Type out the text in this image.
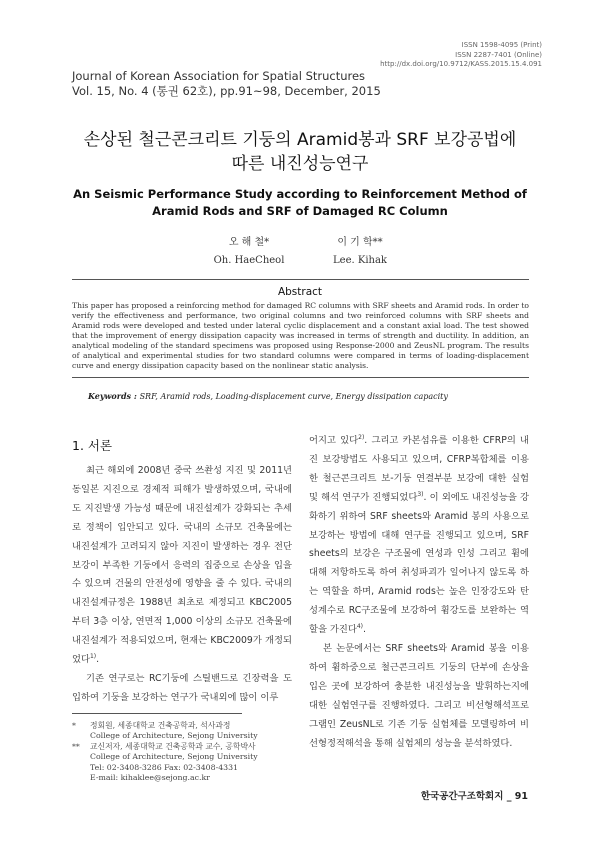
ISSN 1598-4095 (Print)
ISSN 2287-7401 (Online)
http://dx.doi.org/10.9712/KASS.2015.15.4.091
Journal of Korean Association for Spatial Structures
Vol. 15, No. 4 (통권 62호), pp.91~98, December, 2015
손상된 철근콘크리트 기둥의 Aramid봉과 SRF 보강공법에
따른 내진성능연구
An Seismic Performance Study according to Reinforcement Method of
Aramid Rods and SRF of Damaged RC Column
오 해 철*
Oh. HaeCheol
이 기 학**
Lee. Kihak
Abstract
This paper has proposed a reinforcing method for damaged RC columns with SRF sheets and Aramid rods. In order to verify the effectiveness and performance, two original columns and two reinforced columns with SRF sheets and Aramid rods were developed and tested under lateral cyclic displacement and a constant axial load. The test showed that the improvement of energy dissipation capacity was increased in terms of strength and ductility. In addition, an analytical modeling of the standard specimens was proposed using Response-2000 and ZeusNL program. The results of analytical and experimental studies for two standard columns were compared in terms of loading-displacement curve and energy dissipation capacity based on the nonlinear static analysis.
Keywords : SRF, Aramid rods, Loading-displacement curve, Energy dissipation capacity
1. 서론

최근 해외에 2008년 중국 쓰촨성 지진 및 2011년 동일본 지진으로 경제적 피해가 발생하였으며, 국내에도 지진발생 가능성 때문에 내진설계가 강화되는 추세로 정책이 입안되고 있다. 국내의 소규모 건축물에는 내진설계가 고려되지 않아 지진이 발생하는 경우 전단보강이 부족한 기둥에서 응력의 집중으로 손상을 입을 수 있으며 건물의 안전성에 영향을 줄 수 있다. 국내의 내진설계규정은 1988년 최초로 제정되고 KBC2005부터 3층 이상, 연면적 1,000 이상의 소규모 건축물에 내진설계가 적용되었으며, 현재는 KBC2009가 개정되었다$^{1)}$.

기존 연구로는 RC기둥에 스틸밴드로 긴장력을 도입하여 기둥을 보강하는 연구가 국내외에 많이 이루

어지고 있다$^{2)}$. 그리고 카본섬유를 이용한 CFRP의 내진 보강방법도 사용되고 있으며, CFRP복합체를 이용한 철근콘크리트 보-기둥 연결부분 보강에 대한 실험 및 해석 연구가 진행되었다$^{3)}$. 이 외에도 내진성능을 강화하기 위하여 SRF sheets와 Aramid 봉의 사용으로 보강하는 방법에 대해 연구를 진행되고 있으며, SRF sheets의 보강은 구조물에 연성과 인성 그리고 휨에 대해 저항하도록 하여 취성파괴가 일어나지 않도록 하는 역할을 하며, Aramid rods는 높은 인장강도와 탄성계수로 RC구조물에 보강하여 휨강도를 보완하는 역할을 가진다$^{4)}$.

본 논문에서는 SRF sheets와 Aramid 봉을 이용하여 휨하중으로 철근콘크리트 기둥의 단부에 손상을 입은 곳에 보강하여 충분한 내진성능을 발휘하는지에 대한 실험연구를 진행하였다. 그리고 비선형해석프로그램인 ZeusNL로 기존 기둥 실험체를 모델링하여 비선형정적해석을 통해 실험체의 성능을 분석하였다.

* 정회원, 세종대학교 건축공학과, 석사과정
College of Architecture, Sejong University
** 교신저자, 세종대학교 건축공학과 교수, 공학박사
College of Architecture, Sejong University
Tel: 02-3408-3286 Fax: 02-3408-4331
E-mail: kihaklee@sejong.ac.kr
한국공간구조학회지 _ 91
